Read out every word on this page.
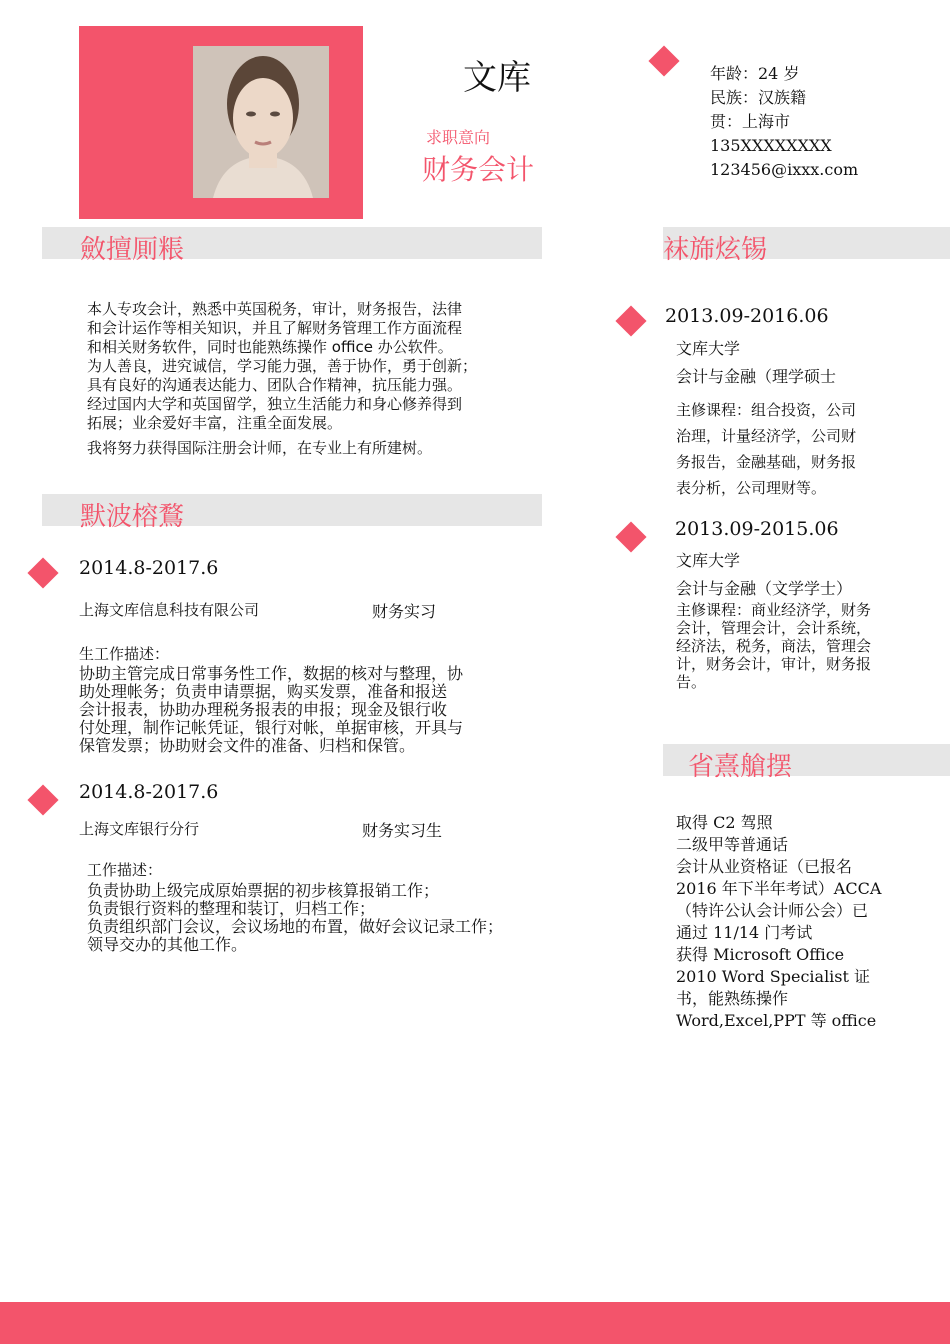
文库
求职意向
财务会计
年龄：24 岁
民族：汉族籍
贯：上海市
135XXXXXXXX
123456@ixxx.com
斂擅厠粻
本人专攻会计，熟悉中英国税务，审计，财务报告，法律
和会计运作等相关知识，并且了解财务管理工作方面流程
和相关财务软件，同时也能熟练操作 office 办公软件。
为人善良，进究诚信，学习能力强，善于协作，勇于创新；
具有良好的沟通表达能力、团队合作精神，抗压能力强。
经过国内大学和英国留学，独立生活能力和身心修养得到
拓展；业余爱好丰富，注重全面发展。
我将努力获得国际注册会计师，在专业上有所建树。
默波榕鶩
2014.8-2017.6
上海文库信息科技有限公司	财务实习
生工作描述：
协助主管完成日常事务性工作，数据的核对与整理，协
助处理帐务；负责申请票据，购买发票，准备和报送
会计报表，协助办理税务报表的申报；现金及银行收
付处理，制作记帐凭证，银行对帐，单据审核，开具与
保管发票；协助财会文件的准备、归档和保管。
2014.8-2017.6
上海文库银行分行	财务实习生
工作描述：
负责协助上级完成原始票据的初步核算报销工作；
负责银行资料的整理和装订，归档工作；
负责组织部门会议，会议场地的布置，做好会议记录工作；
领导交办的其他工作。
袜旆炫锡
2013.09-2016.06
文库大学
会计与金融（理学硕士
主修课程：组合投资，公司
治理，计量经济学，公司财
务报告，金融基础，财务报
表分析，公司理财等。
2013.09-2015.06
文库大学
会计与金融（文学学士）
主修课程：商业经济学，财务
会计，管理会计，会计系统，
经济法，税务，商法，管理会
计，财务会计，审计，财务报
告。
省熹艙摆
取得 C2 驾照
二级甲等普通话
会计从业资格证（已报名
2016 年下半年考试）ACCA
（特许公认会计师公会）已
通过 11/14 门考试
获得 Microsoft Office
2010 Word Specialist 证
书，能熟练操作
Word,Excel,PPT 等 office
